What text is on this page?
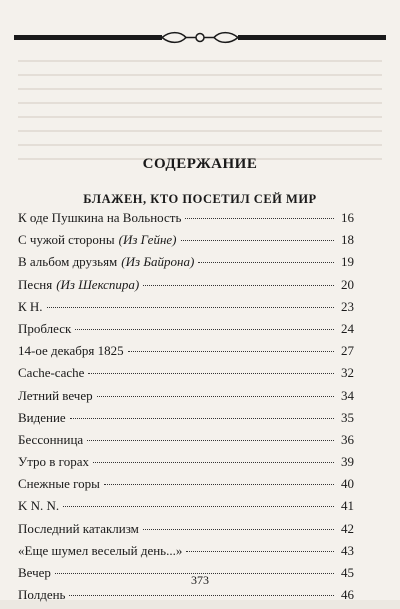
СОДЕРЖАНИЕ
БЛАЖЕН, КТО ПОСЕТИЛ СЕЙ МИР
К оде Пушкина на Вольность	16
С чужой стороны (Из Гейне)	18
В альбом друзьям (Из Байрона)	19
Песня (Из Шекспира)	20
К Н.	23
Проблеск	24
14-ое декабря 1825	27
Cache-cache	32
Летний вечер	34
Видение	35
Бессонница	36
Утро в горах	39
Снежные горы	40
K N. N.	41
Последний катаклизм	42
«Еще шумел веселый день...»	43
Вечер	45
Полдень	46
373
